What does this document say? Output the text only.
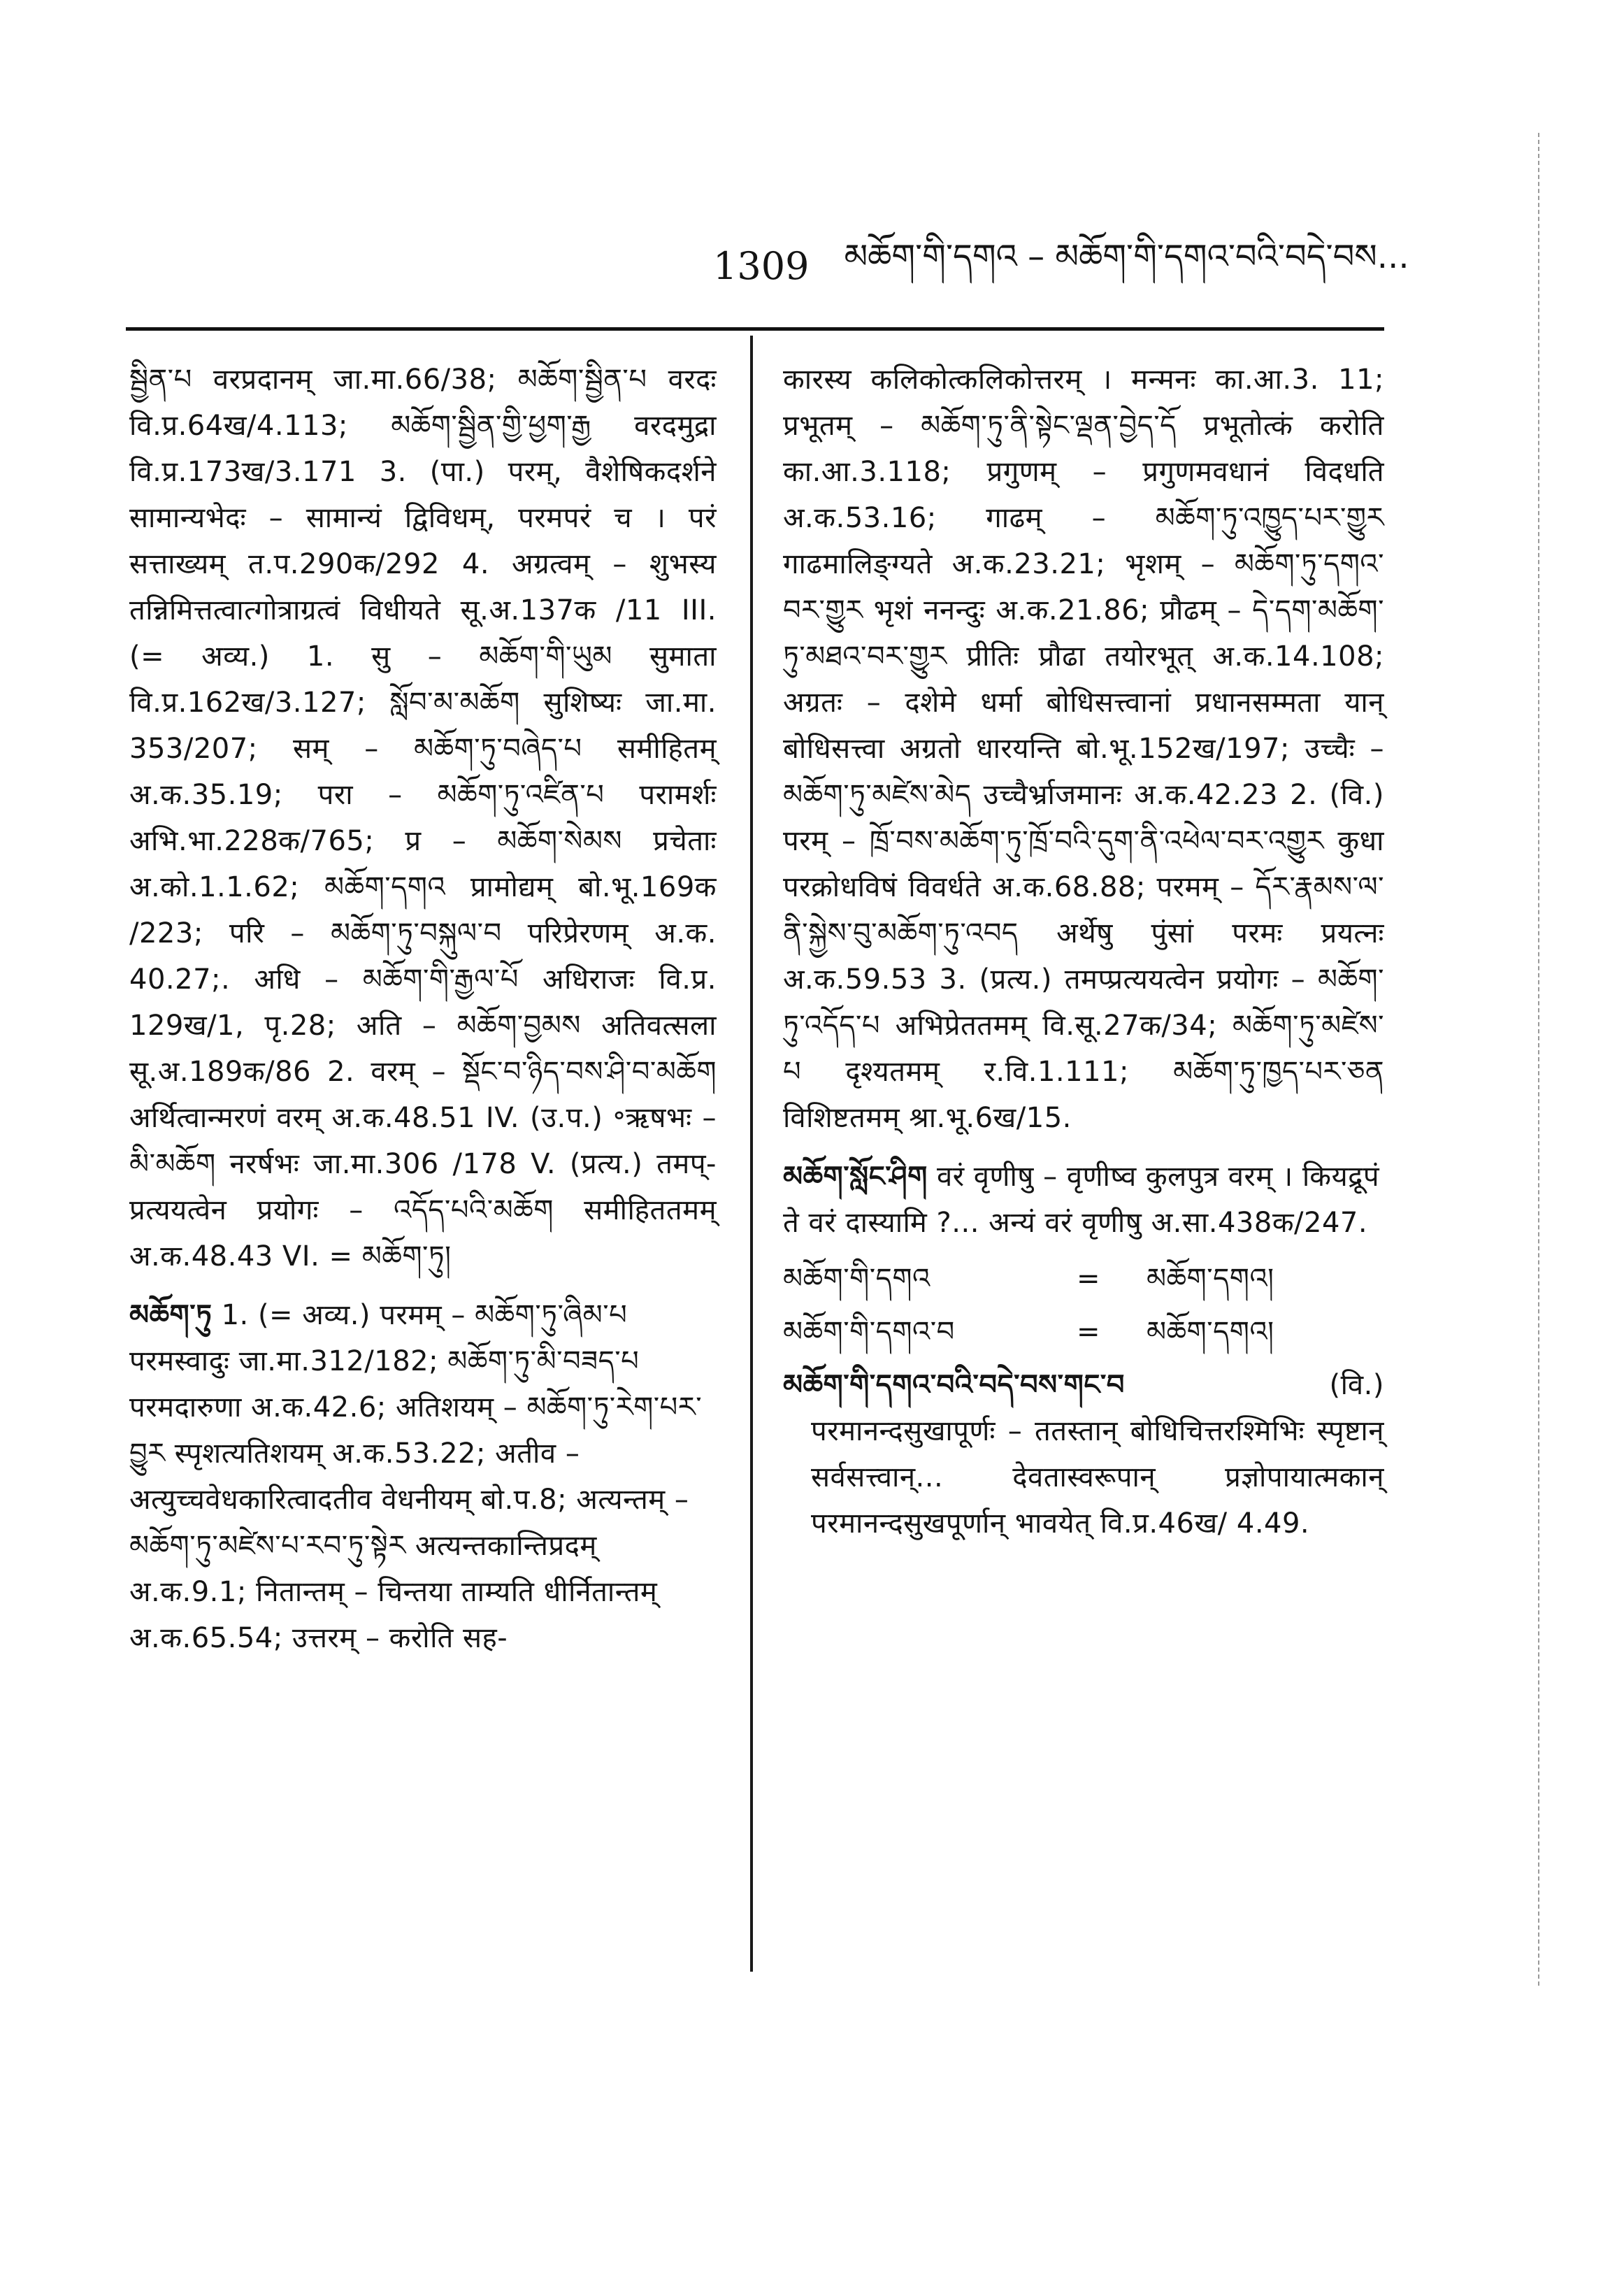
1309 མཆོག་གི་དགའ – མཆོག་གི་དགའ་བའི་བདེ་བས...

སྦྱིན་པ वरप्रदानम् जा.मा.66/38; མཆོག་སྦྱིན་པ वरदः वि.प्र.64ख/4.113; མཆོག་སྦྱིན་གྱི་ཕྱག་རྒྱ वरदमुद्रा वि.प्र.173ख/3.171 3. (पा.) परम्, वैशेषिकदर्शने सामान्यभेदः – सामान्यं द्विविधम्, परमपरं च । परं सत्ताख्यम् त.प.290क/292 4. अग्रत्वम् – शुभस्य तन्निमित्तत्वात्गोत्राग्रत्वं विधीयते सू.अ.137क /11 III. (= अव्य.) 1. सु – མཆོག་གི་ཡུམ सुमाता वि.प्र.162ख/3.127; སློབ་མ་མཆོག सुशिष्यः जा.मा. 353/207; सम् – མཆོག་ཏུ་བཞེད་པ समीहितम् अ.क.35.19; परा – མཆོག་ཏུ་འཛིན་པ परामर्शः अभि.भा.228क/765; प्र – མཆོག་སེམས प्रचेताः अ.को.1.1.62; མཆོག་དགའ प्रामोद्यम् बो.भू.169क /223; परि – མཆོག་ཏུ་བསྐུལ་བ परिप्रेरणम् अ.क. 40.27;. अधि – མཆོག་གི་རྒྱལ་པོ अधिराजः वि.प्र. 129ख/1, पृ.28; अति – མཆོག་བྱམས अतिवत्सला सू.अ.189क/86 2. वरम् – སྡོང་བ་ཉིད་བས་ཤི་བ་མཆོག अर्थित्वान्मरणं वरम् अ.क.48.51 IV. (उ.प.) ॰ऋषभः – མི་མཆོག नरर्षभः जा.मा.306 /178 V. (प्रत्य.) तमप्-प्रत्ययत्वेन प्रयोगः – འདོད་པའི་མཆོག समीहिततमम् अ.क.48.43 VI. = མཆོག་ཏུ།

མཆོག་ཏུ 1. (= अव्य.) परमम् – མཆོག་ཏུ་ཞིམ་པ परमस्वादुः जा.मा.312/182; མཆོག་ཏུ་མི་བཟད་པ परमदारुणा अ.क.42.6; अतिशयम् – མཆོག་ཏུ་རེག་པར་བྱུར स्पृशत्यतिशयम् अ.क.53.22; अतीव – अत्युच्चवेधकारित्वादतीव वेधनीयम् बो.प.8; अत्यन्तम् – མཆོག་ཏུ་མཛེས་པ་རབ་ཏུ་སྟེར अत्यन्तकान्तिप्रदम् अ.क.9.1; नितान्तम् – चिन्तया ताम्यति धीर्नितान्तम् अ.क.65.54; उत्तरम् – करोति सह-

कारस्य कलिकोत्कलिकोत्तरम् । मन्मनः का.आ.3. 11; प्रभूतम् – མཆོག་ཏུ་ནི་སྟེང་ལྡན་བྱེད་དོ प्रभूतोत्कं करोति का.आ.3.118; प्रगुणम् – प्रगुणमवधानं विदधति अ.क.53.16; गाढम् – མཆོག་ཏུ་འཁྱུད་པར་གྱུར गाढमालिङ्ग्यते अ.क.23.21; भृशम् – མཆོག་ཏུ་དགའ་བར་གྱུར भृशं ननन्दुः अ.क.21.86; प्रौढम् – དེ་དག་མཆོག་ཏུ་མཐའ་བར་གྱུར प्रीतिः प्रौढा तयोरभूत् अ.क.14.108; अग्रतः – दशेमे धर्मा बोधिसत्त्वानां प्रधानसम्मता यान् बोधिसत्त्वा अग्रतो धारयन्ति बो.भू.152ख/197; उच्चैः – མཆོག་ཏུ་མཛེས་མེད उच्चैर्भ्राजमानः अ.क.42.23 2. (वि.) परम् – ཁྲོ་བས་མཆོག་ཏུ་ཁྲོ་བའི་དུག་ནི་འཕེལ་བར་འགྱུར कुधा परक्रोधविषं विवर्धते अ.क.68.88; परमम् – དོར་རྣམས་ལ་ནི་སྐྱེས་བུ་མཆོག་ཏུ་འབད अर्थेषु पुंसां परमः प्रयत्नः अ.क.59.53 3. (प्रत्य.) तमप्प्रत्ययत्वेन प्रयोगः – མཆོག་ཏུ་འདོད་པ अभिप्रेततमम् वि.सू.27क/34; མཆོག་ཏུ་མཛེས་པ दृश्यतमम् र.वि.1.111; མཆོག་ཏུ་ཁྱད་པར་ཅན विशिष्टतमम् श्रा.भू.6ख/15.

མཆོག་སློང་ཤིག वरं वृणीषु – वृणीष्व कुलपुत्र वरम् । कियद्रूपं ते वरं दास्यामि ?... अन्यं वरं वृणीषु अ.सा.438क/247.

མཆོག་གི་དགའ	=	མཆོག་དགའ།
མཆོག་གི་དགའ་བ	=	མཆོག་དགའ།
མཆོག་གི་དགའ་བའི་བདེ་བས་གང་བ	(वि.)

परमानन्दसुखापूर्णः – ततस्तान् बोधिचित्तरश्मिभिः स्पृष्टान् सर्वसत्त्वान्... देवतास्वरूपान् प्रज्ञोपायात्मकान् परमानन्दसुखपूर्णान् भावयेत् वि.प्र.46ख/ 4.49.
